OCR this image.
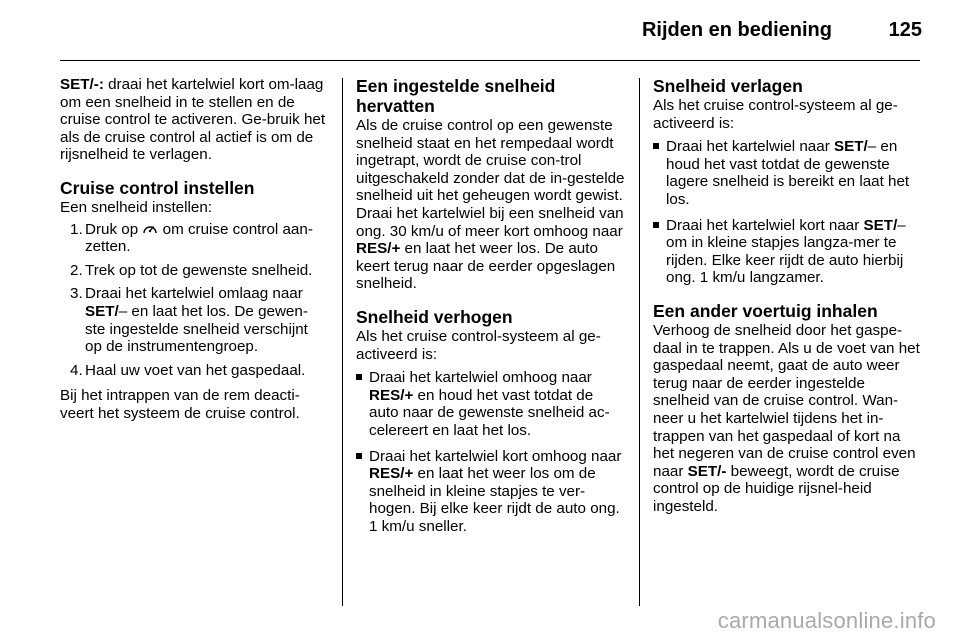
Rijden en bediening	125

SET/-: draai het kartelwiel kort om-laag om een snelheid in te stellen en de cruise control te activeren. Ge-bruik het als de cruise control al actief is om de rijsnelheid te verlagen.

Cruise control instellen

Een snelheid instellen:

1. Druk op  om cruise control aan-zetten.
2. Trek op tot de gewenste snelheid.
3. Draai het kartelwiel omlaag naar SET/– en laat het los. De gewen-ste ingestelde snelheid verschijnt op de instrumentengroep.
4. Haal uw voet van het gaspedaal.

Bij het intrappen van de rem deacti-veert het systeem de cruise control.

Een ingestelde snelheid hervatten

Als de cruise control op een gewenste snelheid staat en het rempedaal wordt ingetrapt, wordt de cruise con-trol uitgeschakeld zonder dat de in-gestelde snelheid uit het geheugen wordt gewist. Draai het kartelwiel bij een snelheid van ong. 30 km/u of meer kort omhoog naar RES/+ en laat het weer los. De auto keert terug naar de eerder opgeslagen snelheid.

Snelheid verhogen

Als het cruise control-systeem al ge-activeerd is:

Draai het kartelwiel omhoog naar RES/+ en houd het vast totdat de auto naar de gewenste snelheid ac-celereert en laat het los.
Draai het kartelwiel kort omhoog naar RES/+ en laat het weer los om de snelheid in kleine stapjes te ver-hogen. Bij elke keer rijdt de auto ong. 1 km/u sneller.
Snelheid verlagen

Als het cruise control-systeem al ge-activeerd is:

Draai het kartelwiel naar SET/– en houd het vast totdat de gewenste lagere snelheid is bereikt en laat het los.
Draai het kartelwiel kort naar SET/– om in kleine stapjes langza-mer te rijden. Elke keer rijdt de auto hierbij ong. 1 km/u langzamer.
Een ander voertuig inhalen

Verhoog de snelheid door het gaspe-daal in te trappen. Als u de voet van het gaspedaal neemt, gaat de auto weer terug naar de eerder ingestelde snelheid van de cruise control. Wan-neer u het kartelwiel tijdens het in-trappen van het gaspedaal of kort na het negeren van de cruise control even naar SET/- beweegt, wordt de cruise control op de huidige rijsnel-heid ingesteld.

carmanualsonline.info
